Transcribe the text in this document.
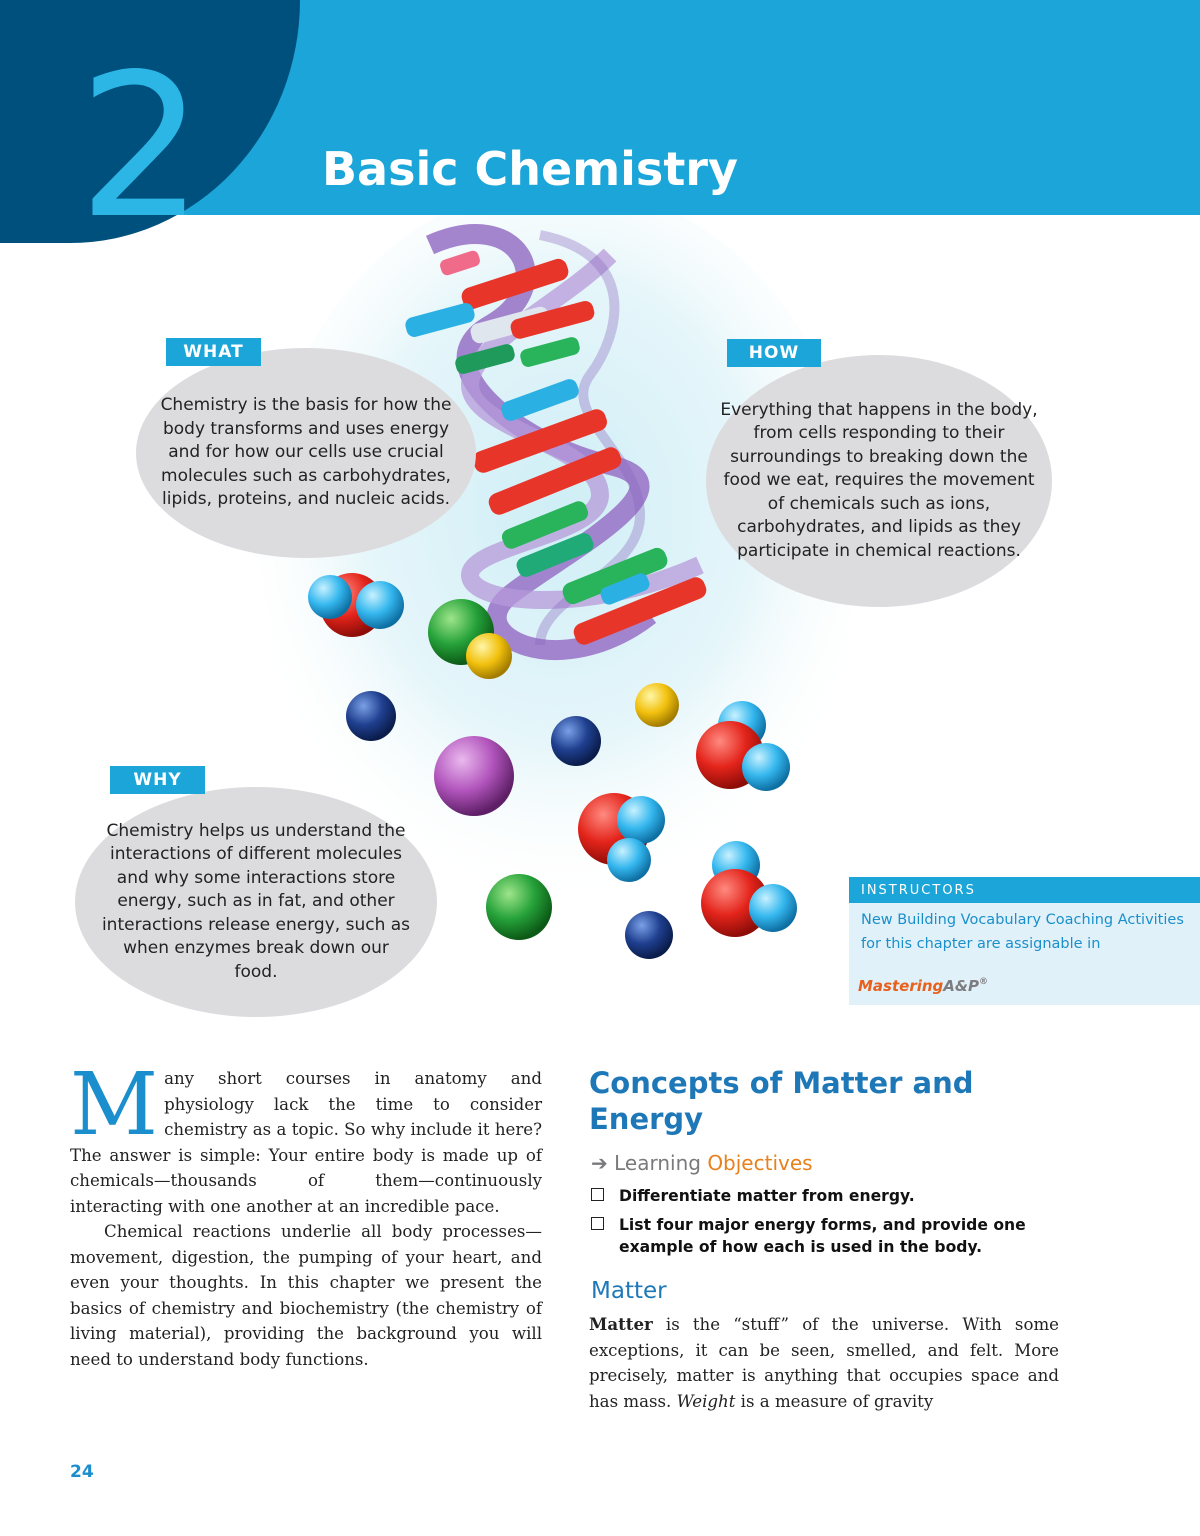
2	Basic Chemistry
Chemistry is the basis for how the body transforms and uses energy and for how our cells use crucial molecules such as carbohydrates, lipids, proteins, and nucleic acids.
WHAT
Everything that happens in the body, from cells responding to their surroundings to breaking down the food we eat, requires the movement of chemicals such as ions, carbohydrates, and lipids as they participate in chemical reactions.
HOW
Chemistry helps us understand the interactions of different molecules and why some interactions store energy, such as in fat, and other interactions release energy, such as when enzymes break down our food.
WHY
INSTRUCTORS
New Building Vocabulary Coaching Activities for this chapter are assignable in
MasteringA&P®

Many short courses in anatomy and physiology lack the time to consider chemistry as a topic. So why include it here? The answer is simple: Your entire body is made up of chemicals—thousands of them—continuously interacting with one another at an incredible pace.

Chemical reactions underlie all body processes—movement, digestion, the pumping of your heart, and even your thoughts. In this chapter we present the basics of chemistry and biochemistry (the chemistry of living material), providing the background you will need to understand body functions.

Concepts of Matter and Energy
➔ Learning Objectives
Differentiate matter from energy.
List four major energy forms, and provide one example of how each is used in the body.
Matter

Matter is the “stuff” of the universe. With some exceptions, it can be seen, smelled, and felt. More precisely, matter is anything that occupies space and has mass. Weight is a measure of gravity

24
